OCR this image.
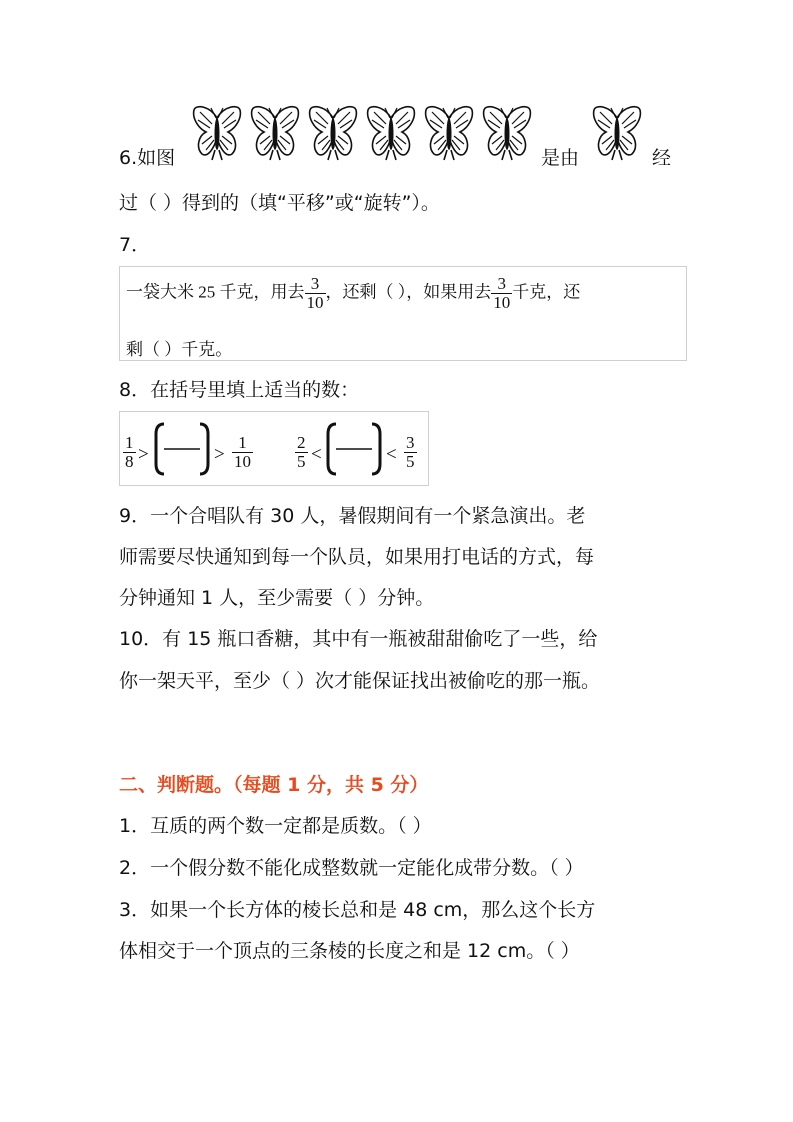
6.如图	是由	经
过（ ）得到的（填“平移”或“旋转”）。
7．
一袋大米 25 千克，用去 $\frac{3}{10}$ ，还剩（ ），如果用去 $\frac{3}{10}$ 千克，还
剩（ ）千克。
8．在括号里填上适当的数：
$\frac{1}{8}$ >	> $\frac{1}{10} \frac{2}{5}$ <	< $\frac{3}{5}$
9．一个合唱队有 30 人，暑假期间有一个紧急演出。老
师需要尽快通知到每一个队员，如果用打电话的方式，每
分钟通知 1 人，至少需要（ ）分钟。
10．有 15 瓶口香糖，其中有一瓶被甜甜偷吃了一些，给
你一架天平，至少（ ）次才能保证找出被偷吃的那一瓶。
二、判断题。（每题 1 分，共 5 分）
1．互质的两个数一定都是质数。（ ）
2．一个假分数不能化成整数就一定能化成带分数。（ ）
3．如果一个长方体的棱长总和是 48 cm，那么这个长方
体相交于一个顶点的三条棱的长度之和是 12 cm。（ ）
